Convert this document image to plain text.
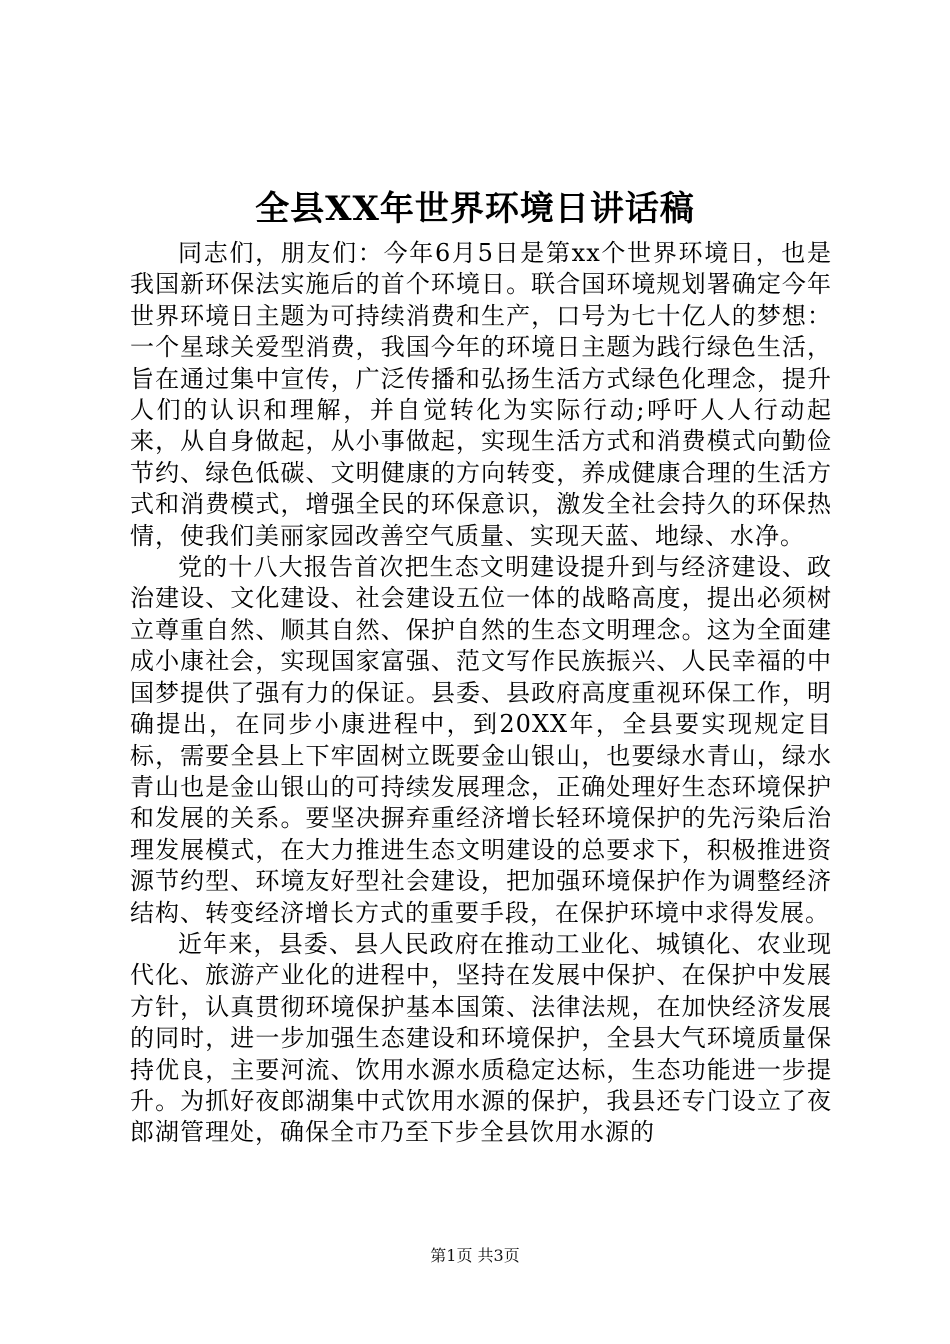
全县XX年世界环境日讲话稿

同志们，朋友们：今年6月5日是第xx个世界环境日，也是我国新环保法实施后的首个环境日。联合国环境规划署确定今年世界环境日主题为可持续消费和生产，口号为七十亿人的梦想：一个星球关爱型消费，我国今年的环境日主题为践行绿色生活，旨在通过集中宣传，广泛传播和弘扬生活方式绿色化理念，提升人们的认识和理解，并自觉转化为实际行动;呼吁人人行动起来，从自身做起，从小事做起，实现生活方式和消费模式向勤俭节约、绿色低碳、文明健康的方向转变，养成健康合理的生活方式和消费模式，增强全民的环保意识，激发全社会持久的环保热情，使我们美丽家园改善空气质量、实现天蓝、地绿、水净。

党的十八大报告首次把生态文明建设提升到与经济建设、政治建设、文化建设、社会建设五位一体的战略高度，提出必须树立尊重自然、顺其自然、保护自然的生态文明理念。这为全面建成小康社会，实现国家富强、范文写作民族振兴、人民幸福的中国梦提供了强有力的保证。县委、县政府高度重视环保工作，明确提出，在同步小康进程中，到20XX年，全县要实现规定目标，需要全县上下牢固树立既要金山银山，也要绿水青山，绿水青山也是金山银山的可持续发展理念，正确处理好生态环境保护和发展的关系。要坚决摒弃重经济增长轻环境保护的先污染后治理发展模式，在大力推进生态文明建设的总要求下，积极推进资源节约型、环境友好型社会建设，把加强环境保护作为调整经济结构、转变经济增长方式的重要手段，在保护环境中求得发展。

近年来，县委、县人民政府在推动工业化、城镇化、农业现代化、旅游产业化的进程中，坚持在发展中保护、在保护中发展方针，认真贯彻环境保护基本国策、法律法规，在加快经济发展的同时，进一步加强生态建设和环境保护，全县大气环境质量保持优良，主要河流、饮用水源水质稳定达标，生态功能进一步提升。为抓好夜郎湖集中式饮用水源的保护，我县还专门设立了夜郎湖管理处，确保全市乃至下步全县饮用水源的

第1页 共3页
